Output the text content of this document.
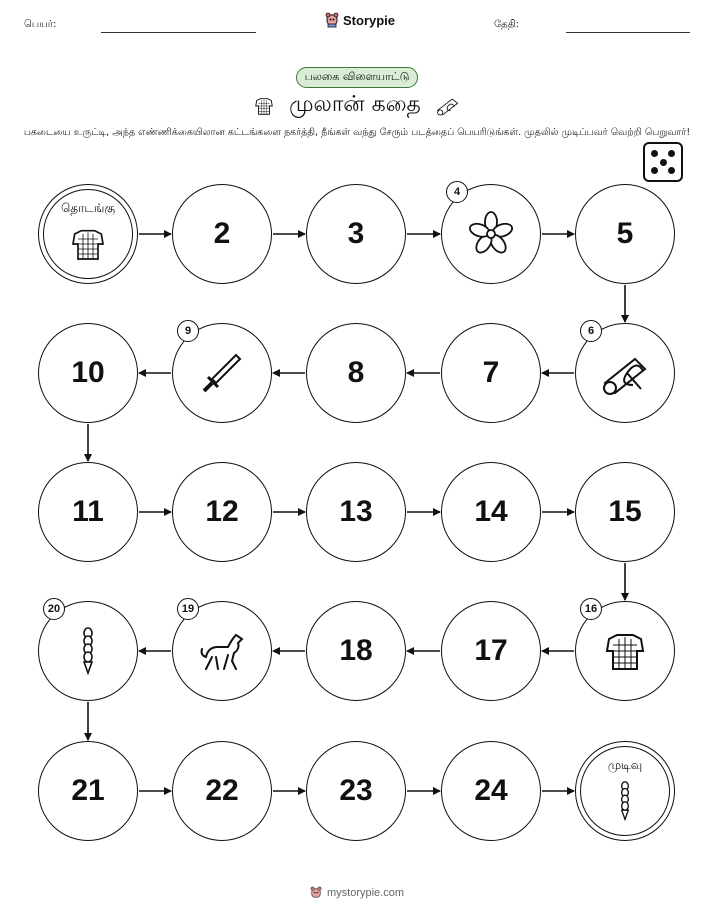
பெயர்:	Storypie	தேதி:
பலகை விளையாட்டு
முலான் கதை
பகடையை உருட்டி, அந்த எண்ணிக்கையிலான கட்டங்களை நகர்த்தி, நீங்கள் வந்து சேரும் படத்தைப் பெயரிடுங்கள். முதலில் முடிப்பவர் வெற்றி பெறுவார்!
தொடங்கு
2	3
4
5
6
7
8
9
10
11	12	13	14	15
16
17
18
19
20
21	22	23	24
முடிவு
mystorypie.com
